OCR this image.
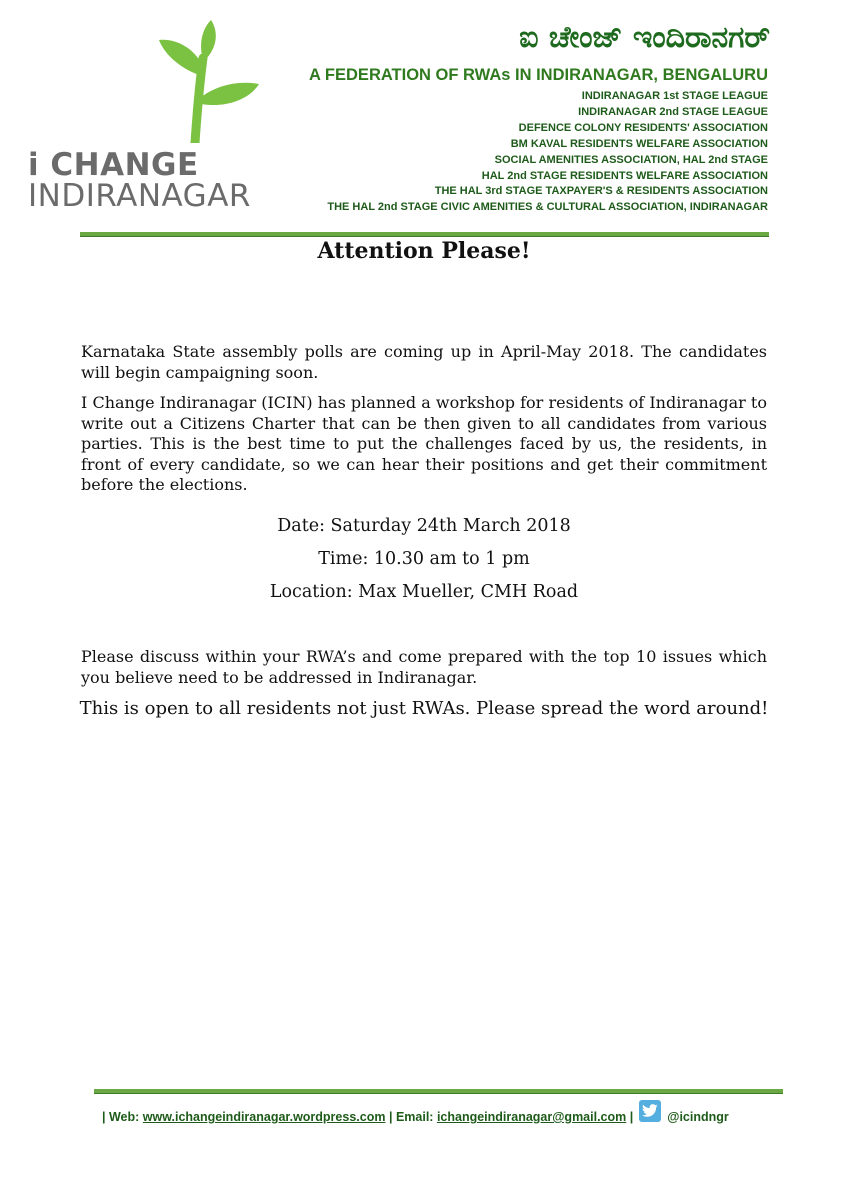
i CHANGE
INDIRANAGAR
ಐ ಚೇಂಜ್ ಇಂದಿರಾನಗರ್
A FEDERATION OF RWAs IN INDIRANAGAR, BENGALURU
INDIRANAGAR 1st STAGE LEAGUE
INDIRANAGAR 2nd STAGE LEAGUE
DEFENCE COLONY RESIDENTS' ASSOCIATION
BM KAVAL RESIDENTS WELFARE ASSOCIATION
SOCIAL AMENITIES ASSOCIATION, HAL 2nd STAGE
HAL 2nd STAGE RESIDENTS WELFARE ASSOCIATION
THE HAL 3rd STAGE TAXPAYER'S & RESIDENTS ASSOCIATION
THE HAL 2nd STAGE CIVIC AMENITIES & CULTURAL ASSOCIATION, INDIRANAGAR
Attention Please!

Karnataka State assembly polls are coming up in April-May 2018. The candidates will begin campaigning soon.

I Change Indiranagar (ICIN) has planned a workshop for residents of Indiranagar to write out a Citizens Charter that can be then given to all candidates from various parties. This is the best time to put the challenges faced by us, the residents, in front of every candidate, so we can hear their positions and get their commitment before the elections.

Date: Saturday 24th March 2018
Time: 10.30 am to 1 pm
Location: Max Mueller, CMH Road

Please discuss within your RWA’s and come prepared with the top 10 issues which you believe need to be addressed in Indiranagar.

This is open to all residents not just RWAs. Please spread the word around!
|
Web:
www.ichangeindiranagar.wordpress.com
|
Email:
ichangeindiranagar@gmail.com
|	@icindngr
